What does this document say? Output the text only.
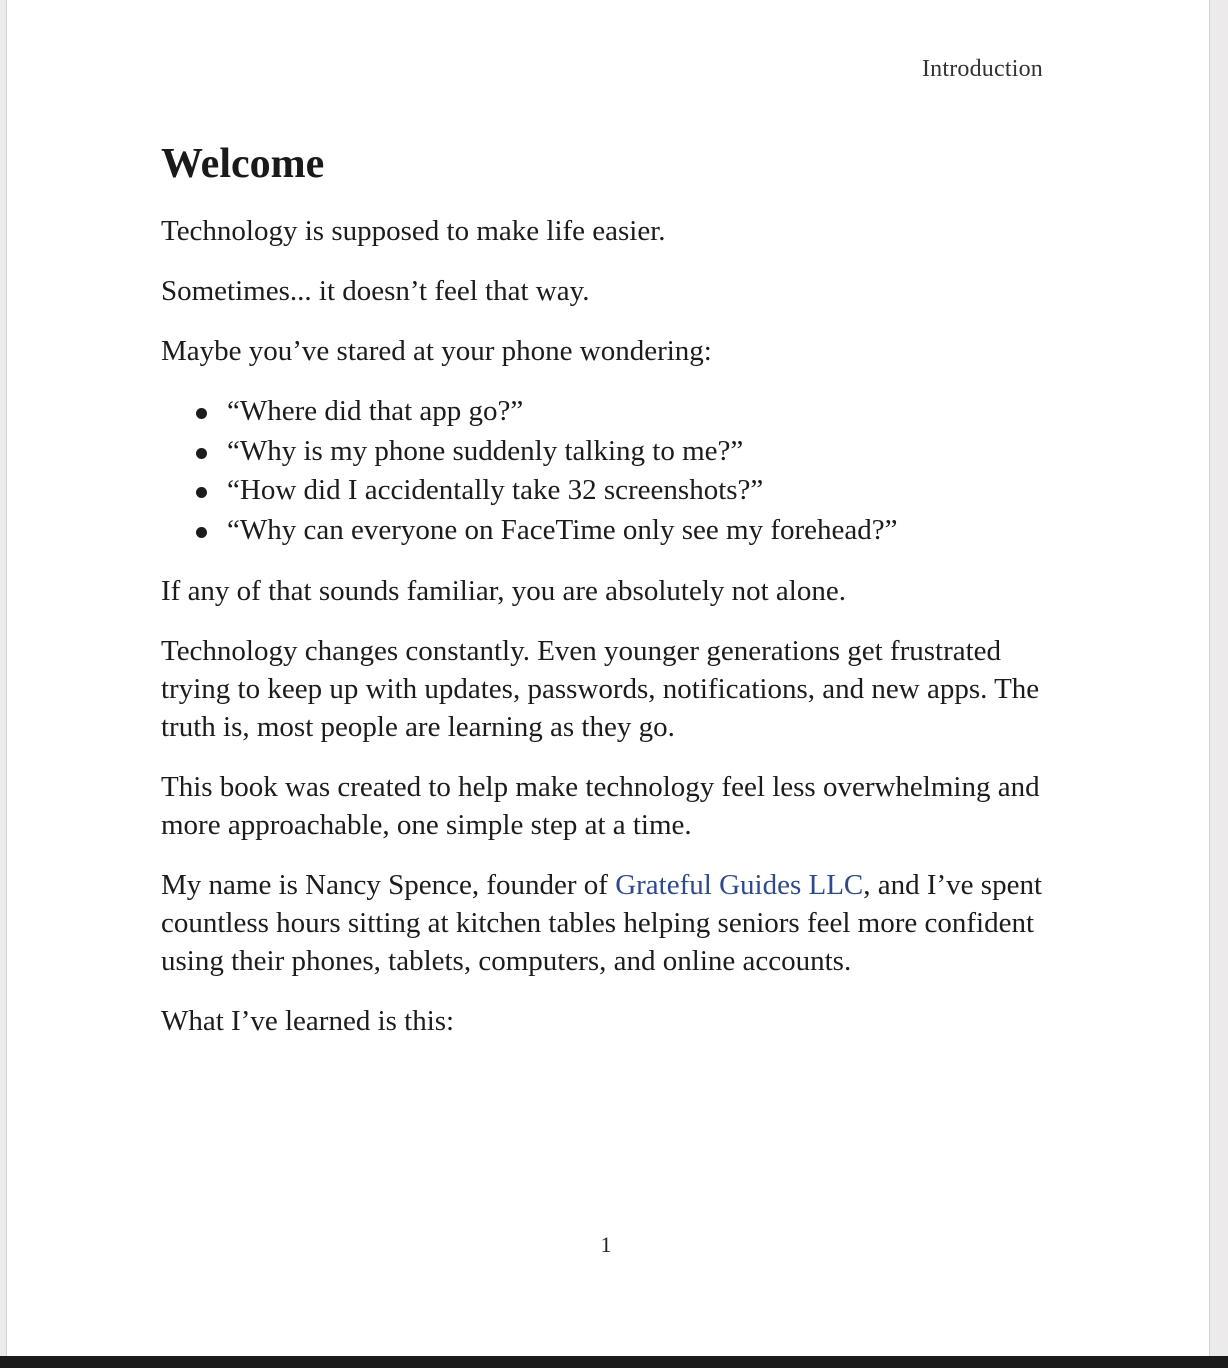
Introduction
Welcome

Technology is supposed to make life easier.

Sometimes... it doesn’t feel that way.

Maybe you’ve stared at your phone wondering:

“Where did that app go?”
“Why is my phone suddenly talking to me?”
“How did I accidentally take 32 screenshots?”
“Why can everyone on FaceTime only see my forehead?”

If any of that sounds familiar, you are absolutely not alone.

Technology changes constantly. Even younger generations get frustrated trying to keep up with updates, passwords, notifications, and new apps. The truth is, most people are learning as they go.

This book was created to help make technology feel less overwhelming and more approachable, one simple step at a time.

My name is Nancy Spence, founder of Grateful Guides LLC, and I’ve spent countless hours sitting at kitchen tables helping seniors feel more confident using their phones, tablets, computers, and online accounts.

What I’ve learned is this:

1
